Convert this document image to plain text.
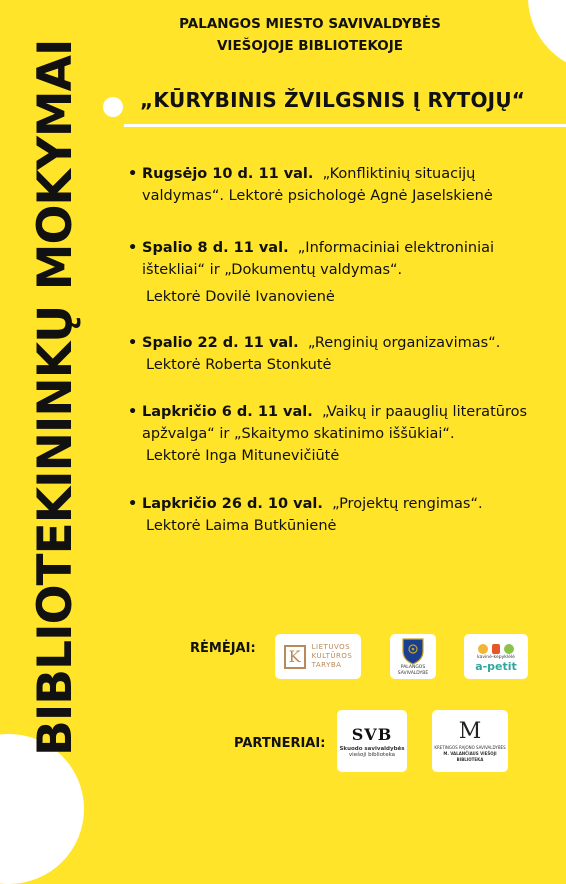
BIBLIOTEKININKŲ MOKYMAI
PALANGOS MIESTO SAVIVALDYBĖS
VIEŠOJOJE BIBLIOTEKOJE
„KŪRYBINIS ŽVILGSNIS Į RYTOJŲ“
• Rugsėjo 10 d. 11 val. „Konfliktinių situacijų
valdymas“. Lektorė psichologė Agnė Jaselskienė
• Spalio 8 d. 11 val. „Informaciniai elektroniniai
ištekliai“ ir „Dokumentų valdymas“.
Lektorė Dovilė Ivanovienė
• Spalio 22 d. 11 val. „Renginių organizavimas“.
Lektorė Roberta Stonkutė
• Lapkričio 6 d. 11 val. „Vaikų ir paauglių literatūros
apžvalga“ ir „Skaitymo skatinimo iššūkiai“.
Lektorė Inga Mitunevičiūtė
• Lapkričio 26 d. 10 val. „Projektų rengimas“.
Lektorė Laima Butkūnienė
RĖMĖJAI:	K	LIETUVOS
KULTŪROS
TARYBA	PALANGOS SAVIVALDYBĖ
kavinė-kepyklėlė
a-petit
PARTNERIAI: SVB
Skuodo savivaldybės
viešoji biblioteka
M
KRETINGOS RAJONO SAVIVALDYBĖS
M. VALANČIAUS VIEŠOJI BIBLIOTEKA
